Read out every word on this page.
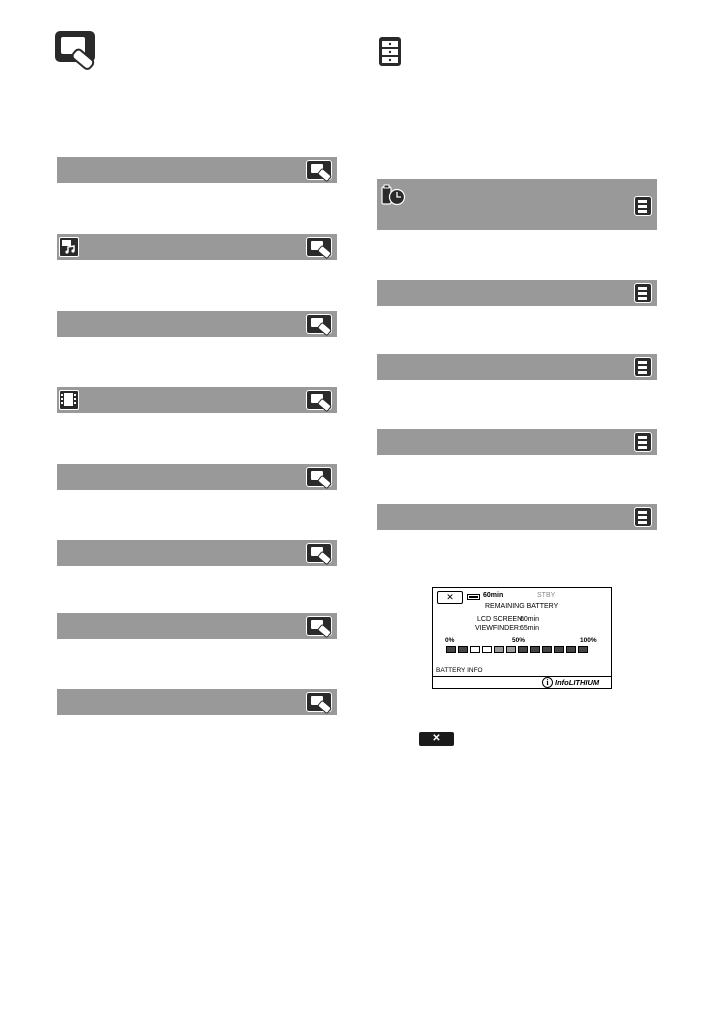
✕	60min	STBY
REMAINING BATTERY
LCD SCREEN:
60min
VIEWFINDER: 65min
0%	50%	100%
BATTERY INFO
i InfoLITHIUM
✕
